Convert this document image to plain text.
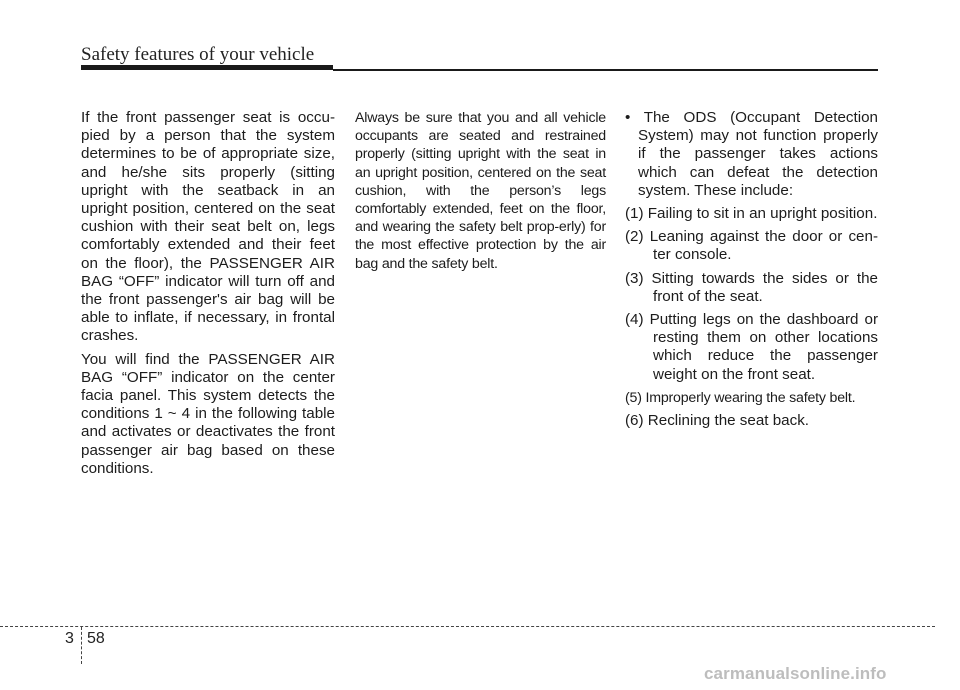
Safety features of your vehicle

If the front passenger seat is occu-pied by a person that the system determines to be of appropriate size, and he/she sits properly (sitting upright with the seatback in an upright position, centered on the seat cushion with their seat belt on, legs comfortably extended and their feet on the floor), the PASSENGER AIR BAG “OFF” indicator will turn off and the front passenger's air bag will be able to inflate, if necessary, in frontal crashes.

You will find the PASSENGER AIR BAG “OFF” indicator on the center facia panel. This system detects the conditions 1 ~ 4 in the following table and activates or deactivates the front passenger air bag based on these conditions.

Always be sure that you and all vehicle occupants are seated and restrained properly (sitting upright with the seat in an upright position, centered on the seat cushion, with the person’s legs comfortably extended, feet on the floor, and wearing the safety belt prop-erly) for the most effective protection by the air bag and the safety belt.

• The ODS (Occupant Detection System) may not function properly if the passenger takes actions which can defeat the detection system. These include:

(1) Failing to sit in an upright position.

(2) Leaning against the door or cen-ter console.

(3) Sitting towards the sides or the front of the seat.

(4) Putting legs on the dashboard or resting them on other locations which reduce the passenger weight on the front seat.

(5) Improperly wearing the safety belt.

(6) Reclining the seat back.

3 58
carmanualsonline.info
